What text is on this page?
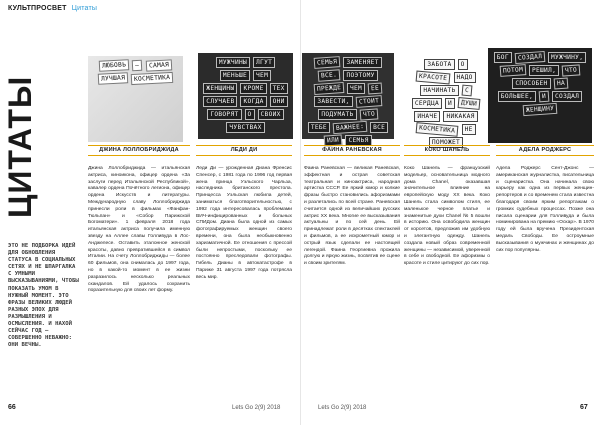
КУЛЬТПРОСВЕТ Цитаты
ЦИТАТЫ
ЭТО НЕ ПОДБОРКА ИДЕЙ ДЛЯ ОБНОВЛЕНИЯ СТАТУСА В СОЦИАЛЬНЫХ СЕТЯХ И НЕ ШПАРГАЛКА С УМНЫМИ ВЫСКАЗЫВАНИЯМИ, ЧТОБЫ ПОКАЗАТЬ УМОМ В НУЖНЫЙ МОМЕНТ. ЭТО ФРАЗЫ ВЕЛИКИХ ЛЮДЕЙ РАЗНЫХ ЭПОХ ДЛЯ РАЗМЫШЛЕНИЯ И ОСМЫСЛЕНИЯ. И НАХОЙ СЕЙЧАС ГОД — СОВЕРШЕННО НЕВАЖНО: ОНИ ВЕЧНЫ.
ЛЮБОВЬ	—	САМАЯ
ЛУЧШАЯ	КОСМЕТИКА
МУЖЧИНЫ	ЛГУТ
МЕНЬШЕ	ЧЕМ
ЖЕНЩИНЫ	КРОМЕ	ТЕХ
СЛУЧАЕВ	КОГДА	ОНИ
ГОВОРЯТ	О	СВОИХ
ЧУВСТВАХ
СЕМЬЯ	ЗАМЕНЯЕТ
ВСЕ.	ПОЭТОМУ
ПРЕЖДЕ	ЧЕМ	ЕЕ
ЗАВЕСТИ,	СТОИТ
ПОДУМАТЬ	ЧТО
ТЕБЕ	ВАЖНЕЕ:	ВСЕ
ИЛИ	СЕМЬЯ
ЗАБОТА	О
КРАСОТЕ	НАДО
НАЧИНАТЬ	С
СЕРДЦА	И	ДУШИ
ИНАЧЕ	НИКАКАЯ
КОСМЕТИКА	НЕ
ПОМОЖЕТ
БОГ	СОЗДАЛ	МУЖЧИНУ,
ПОТОМ	РЕШИЛ,	ЧТО
СПОСОБЕН	НА
БОЛЬШЕЕ,	И	СОЗДАЛ
ЖЕНЩИНУ
ДЖИНА ЛОЛЛОБРИДЖИДА	ЛЕДИ ДИ	ФАИНА РАНЕВСКАЯ	КОКО ШАНЕЛЬ	АДЕЛА РОДЖЕРС
Джина Лоллобриджида — итальянская актриса, киноикона, офицер ордена «За заслуги перед Итальянской Республикой», кавалер ордена Почётного легиона, офицер ордена Искусств и литературы. Международную славу Лоллобриджида принесли роли в фильмах «Фанфан-Тюльпан» и «Собор Парижской Богоматери». 1 февраля 2018 года итальянская актриса получила именную звезду на Аллее славы Голливуда в Лос-Анджелесе. Оставить эталонное женской красоты, давно превратившейся в символ Италии. На счету Лоллобриджиды — более 60 фильмов, она снималась до 1997 года, но в какой-то момент в ее жизни разразилось несколько реальных скандалов. Ей удалось сохранить поразительную для своих лет форму.
Леди Ди — урожденная Диана Френсис Спенсер, с 1981 года по 1996 год первая жена принца Уэльского Чарльза, наследника британского престола. Принцесса Уэльская любила детей, заниматься благотворительностью, с 1992 года интересовалась проблемами ВИЧ-инфицированных и больных СПИДом. Диана была одной из самых фотографируемых женщин своего времени, она была необыкновенно харизматичной. Ее отношения с прессой были непростыми, поскольку ее постоянно преследовали фотографы. Гибель Дианы в автокатастрофе в Париже 31 августа 1997 года потрясла весь мир.
Фаина Раневская — великая Раневская, эффектная и острая советская театральная и киноактриса, народная артистка СССР. Ее яркий юмор и колкие фразы быстро становились афоризмами и разлетались по всей стране. Раневская считается одной из величайших русских актрис XX века. Многие ее высказывания актуальны и по сей день. Ей принадлежат роли в десятках спектаклей и фильмов, а ее искрометный юмор и острый язык сделали ее настоящей легендой. Фаина Георгиевна прожила долгую и яркую жизнь, посвятив ее сцене и своим зрителям.
Коко Шанель — французский модельер, основательница модного дома Chanel, оказавшая значительное влияние на европейскую моду XX века. Коко Шанель стала символом стиля, ее маленькое черное платье и знаменитые духи Chanel № 5 вошли в историю. Она освободила женщин от корсетов, предложив им удобную и элегантную одежду. Шанель создала новый образ современной женщины — независимой, уверенной в себе и свободной. Ее афоризмы о красоте и стиле цитируют до сих пор.
Адела Роджерс Сент-Джонс — американская журналистка, писательница и сценаристка. Она начинала свою карьеру как одна из первых женщин-репортеров и со временем стала известна благодаря своим ярким репортажам о громких судебных процессах. Позже она писала сценарии для Голливуда и была номинирована на премию «Оскар». В 1970 году ей была вручена Президентская медаль Свободы. Ее остроумные высказывания о мужчинах и женщинах до сих пор популярны.
66	Lets Go 2(9) 2018	Lets Go 2(9) 2018	67
